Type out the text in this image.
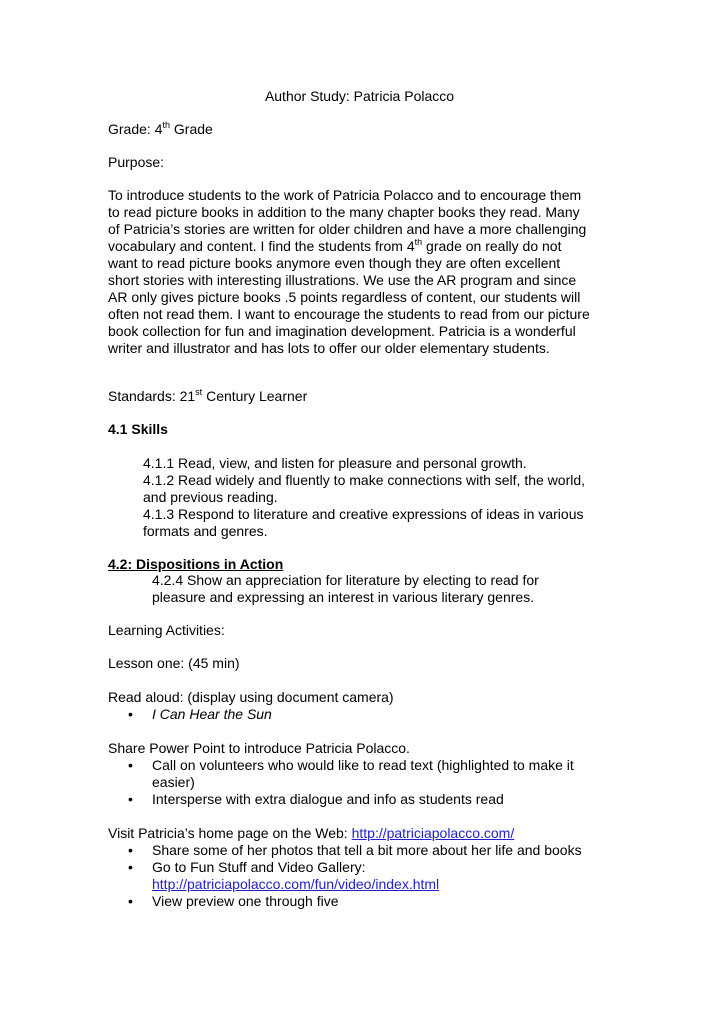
Author Study: Patricia Polacco
Grade: 4th Grade
Purpose:
To introduce students to the work of Patricia Polacco and to encourage them
to read picture books in addition to the many chapter books they read. Many
of Patricia’s stories are written for older children and have a more challenging
vocabulary and content. I find the students from 4th grade on really do not
want to read picture books anymore even though they are often excellent
short stories with interesting illustrations. We use the AR program and since
AR only gives picture books .5 points regardless of content, our students will
often not read them. I want to encourage the students to read from our picture
book collection for fun and imagination development. Patricia is a wonderful
writer and illustrator and has lots to offer our older elementary students.
Standards: 21st Century Learner
4.1 Skills
4.1.1 Read, view, and listen for pleasure and personal growth.
4.1.2 Read widely and fluently to make connections with self, the world,
and previous reading.
4.1.3 Respond to literature and creative expressions of ideas in various
formats and genres.
4.2: Dispositions in Action
4.2.4 Show an appreciation for literature by electing to read for
pleasure and expressing an interest in various literary genres.
Learning Activities:
Lesson one: (45 min)
Read aloud: (display using document camera)
• I Can Hear the Sun
Share Power Point to introduce Patricia Polacco.
• Call on volunteers who would like to read text (highlighted to make it
easier)
• Intersperse with extra dialogue and info as students read
Visit Patricia’s home page on the Web: http://patriciapolacco.com/
• Share some of her photos that tell a bit more about her life and books
• Go to Fun Stuff and Video Gallery:
http://patriciapolacco.com/fun/video/index.html
• View preview one through five
